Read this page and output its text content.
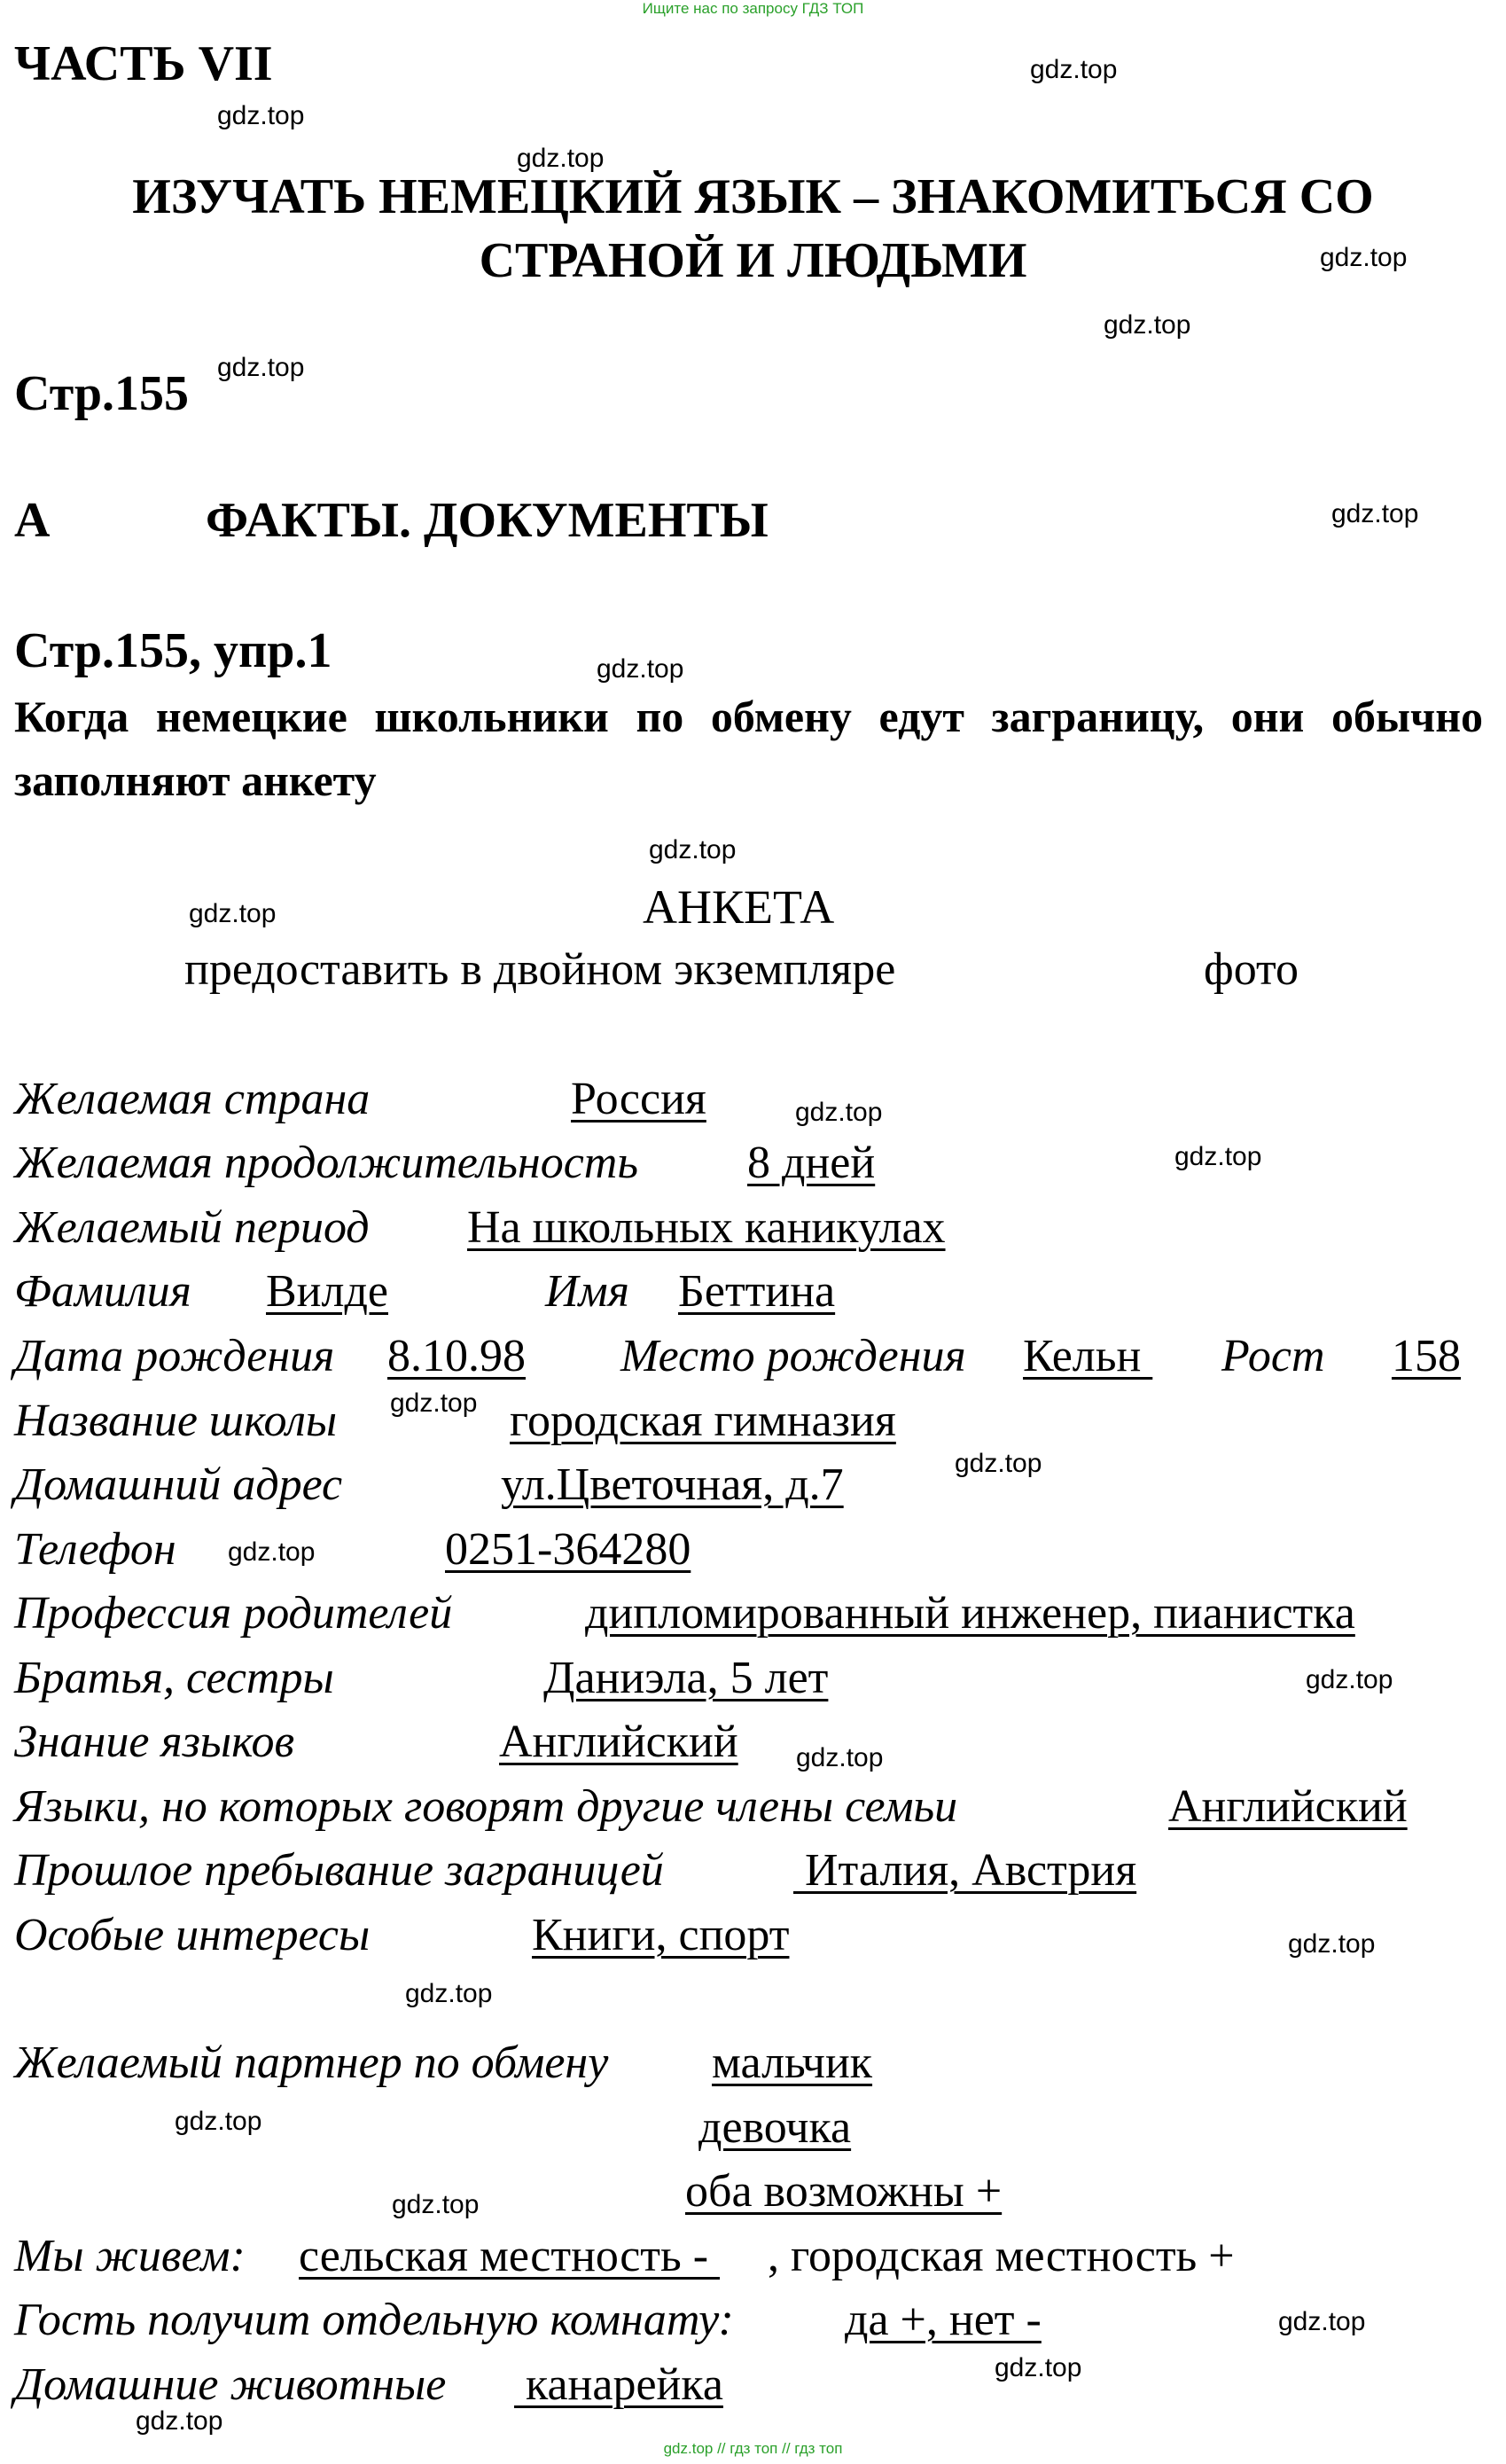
Ищите нас по запросу ГДЗ ТОП
ЧАСТЬ VII
ИЗУЧАТЬ НЕМЕЦКИЙ ЯЗЫК – ЗНАКОМИТЬСЯ СО
СТРАНОЙ И ЛЮДЬМИ
Стр.155
А	ФАКТЫ. ДОКУМЕНТЫ
Стр.155, упр.1
Когда немецкие школьники по обмену едут заграницу, они обычно заполняют анкету
АНКЕТА
предоставить в двойном экземпляре	фото
Желаемая страна	Россия
Желаемая продолжительность 8 дней
Желаемый период На школьных каникулах
Фамилия Вилде	Имя Беттина
Дата рождения 8.10.98 Место рождения Кельн Рост 158
Название школы	городская гимназия
Домашний адрес	ул.Цветочная, д.7
Телефон	0251-364280
Профессия родителей	дипломированный инженер, пианистка
Братья, сестры	Даниэла, 5 лет
Знание языков	Английский
Языки, но которых говорят другие члены семьи	Английский
Прошлое пребывание заграницей	Италия, Австрия
Особые интересы	Книги, спорт
Желаемый партнер по обмену мальчик
девочка
оба возможны +
Мы живем: сельская местность - , городская местность +
Гость получит отдельную комнату: да +, нет -
Домашние животные канарейка
gdz.top
gdz.top
gdz.top
gdz.top
gdz.top
gdz.top
gdz.top
gdz.top
gdz.top
gdz.top
gdz.top
gdz.top
gdz.top
gdz.top
gdz.top
gdz.top
gdz.top
gdz.top
gdz.top
gdz.top
gdz.top
gdz.top
gdz.top
gdz.top
gdz.top // гдз топ // гдз топ
